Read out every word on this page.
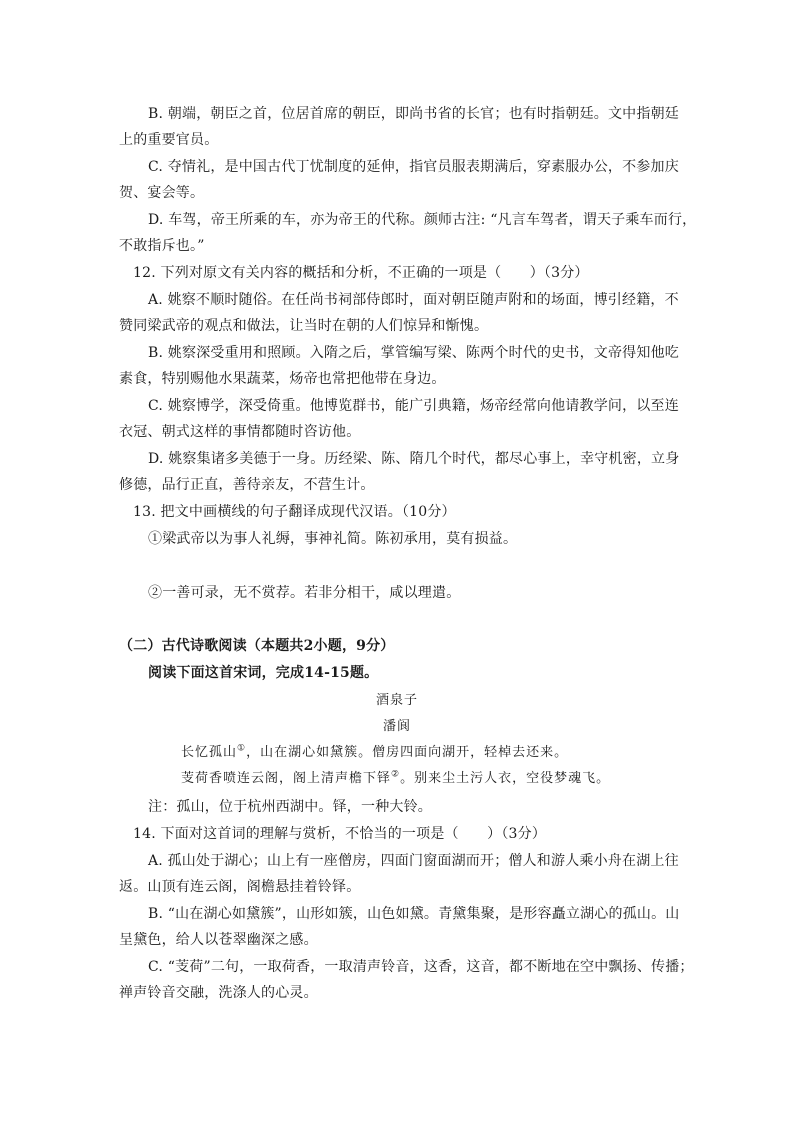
B. 朝端，朝臣之首，位居首席的朝臣，即尚书省的长官；也有时指朝廷。文中指朝廷
上的重要官员。
C. 夺情礼，是中国古代丁忧制度的延伸，指官员服表期满后，穿素服办公，不参加庆
贺、宴会等。
D. 车驾，帝王所乘的车，亦为帝王的代称。颜师古注: “凡言车驾者，谓天子乘车而行，
不敢指斥也。”
12. 下列对原文有关内容的概括和分析，不正确的一项是（　　）（3分）
A. 姚察不顺时随俗。在任尚书祠部侍郎时，面对朝臣随声附和的场面，博引经籍，不
赞同梁武帝的观点和做法，让当时在朝的人们惊异和惭愧。
B. 姚察深受重用和照顾。入隋之后，掌管编写梁、陈两个时代的史书，文帝得知他吃
素食，特别赐他水果蔬菜，炀帝也常把他带在身边。
C. 姚察博学，深受倚重。他博览群书，能广引典籍，炀帝经常向他请教学问，以至连
衣冠、朝式这样的事情都随时咨访他。
D. 姚察集诸多美德于一身。历经梁、陈、隋几个时代，都尽心事上，幸守机密，立身
修德，品行正直，善待亲友，不营生计。
13. 把文中画横线的句子翻译成现代汉语。（10分）
①梁武帝以为事人礼缛，事神礼简。陈初承用，莫有损益。
②一善可录，无不赏荐。若非分相干，咸以理遣。
（二）古代诗歌阅读（本题共2小题，9分）
阅读下面这首宋词，完成14-15题。
酒泉子
潘阆
长忆孤山①，山在湖心如黛簇。僧房四面向湖开，轻棹去还来。
芰荷香喷连云阁，阁上清声檐下铎②。别来尘土污人衣，空役梦魂飞。
注：孤山，位于杭州西湖中。铎，一种大铃。
14. 下面对这首词的理解与赏析，不恰当的一项是（　　）（3分）
A. 孤山处于湖心；山上有一座僧房，四面门窗面湖而开；僧人和游人乘小舟在湖上往
返。山顶有连云阁，阁檐悬挂着铃铎。
B. “山在湖心如黛簇”，山形如簇，山色如黛。青黛集聚，是形容矗立湖心的孤山。山
呈黛色，给人以苍翠幽深之感。
C. “芰荷”二句，一取荷香，一取清声铃音，这香，这音，都不断地在空中飘扬、传播；
禅声铃音交融，洗涤人的心灵。
